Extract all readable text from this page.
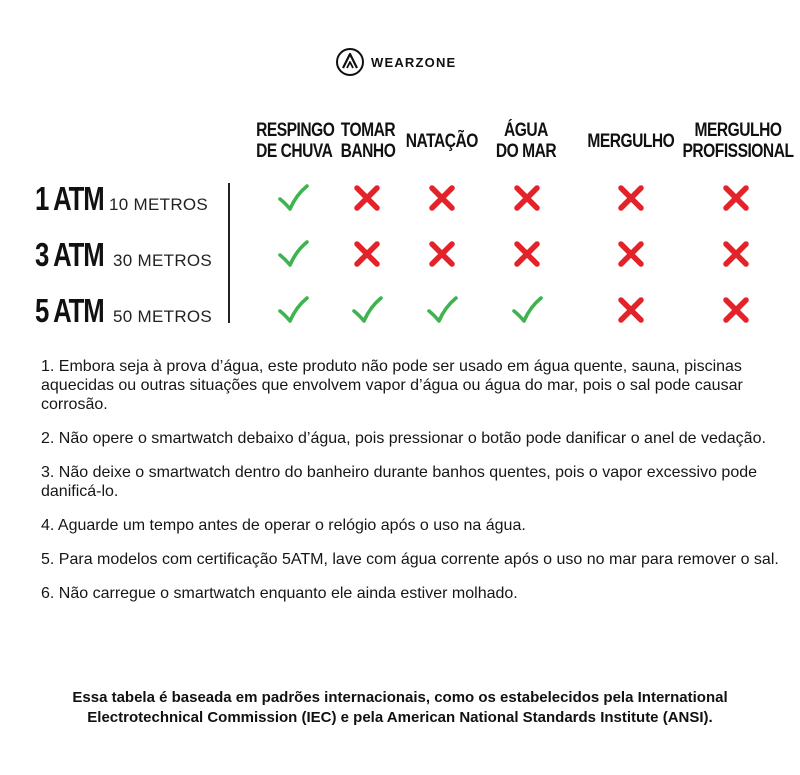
WEARZONE
RESPINGO
DE CHUVA
TOMAR
BANHO NATAÇÃO
ÁGUA
DO MAR MERGULHO
MERGULHO
PROFISSIONAL
1 ATM 10 METROS
3 ATM 30 METROS
5 ATM 50 METROS

1. Embora seja à prova d’água, este produto não pode ser usado em água quente, sauna, piscinas aquecidas ou outras situações que envolvem vapor d’água ou água do mar, pois o sal pode causar corrosão.

2. Não opere o smartwatch debaixo d’água, pois pressionar o botão pode danificar o anel de vedação.

3. Não deixe o smartwatch dentro do banheiro durante banhos quentes, pois o vapor excessivo pode danificá-lo.

4. Aguarde um tempo antes de operar o relógio após o uso na água.

5. Para modelos com certificação 5ATM, lave com água corrente após o uso no mar para remover o sal.

6. Não carregue o smartwatch enquanto ele ainda estiver molhado.

Essa tabela é baseada em padrões internacionais, como os estabelecidos pela International Electrotechnical Commission (IEC) e pela American National Standards Institute (ANSI).
